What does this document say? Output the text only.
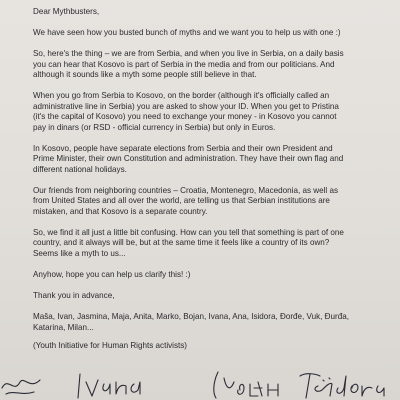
Dear Mythbusters,

We have seen how you busted bunch of myths and we want you to help us with one :)

So, here's the thing – we are from Serbia, and when you live in Serbia, on a daily basis
you can hear that Kosovo is part of Serbia in the media and from our politicians. And
although it sounds like a myth some people still believe in that.

When you go from Serbia to Kosovo, on the border (although it's officially called an
administrative line in Serbia) you are asked to show your ID. When you get to Pristina
(it's the capital of Kosovo) you need to exchange your money - in Kosovo you cannot
pay in dinars (or RSD - official currency in Serbia) but only in Euros.

In Kosovo, people have separate elections from Serbia and their own President and
Prime Minister, their own Constitution and administration. They have their own flag and
different national holidays.

Our friends from neighboring countries – Croatia, Montenegro, Macedonia, as well as
from United States and all over the world, are telling us that Serbian institutions are
mistaken, and that Kosovo is a separate country.

So, we find it all just a little bit confusing. How can you tell that something is part of one
country, and it always will be, but at the same time it feels like a country of its own?
Seems like a myth to us...

Anyhow, hope you can help us clarify this! :)

Thank you in advance,

Maša, Ivan, Jasmina, Maja, Anita, Marko, Bojan, Ivana, Ana, Isidora, Đorđe, Vuk, Đurđa,
Katarina, Milan...

(Youth Initiative for Human Rights activists)
